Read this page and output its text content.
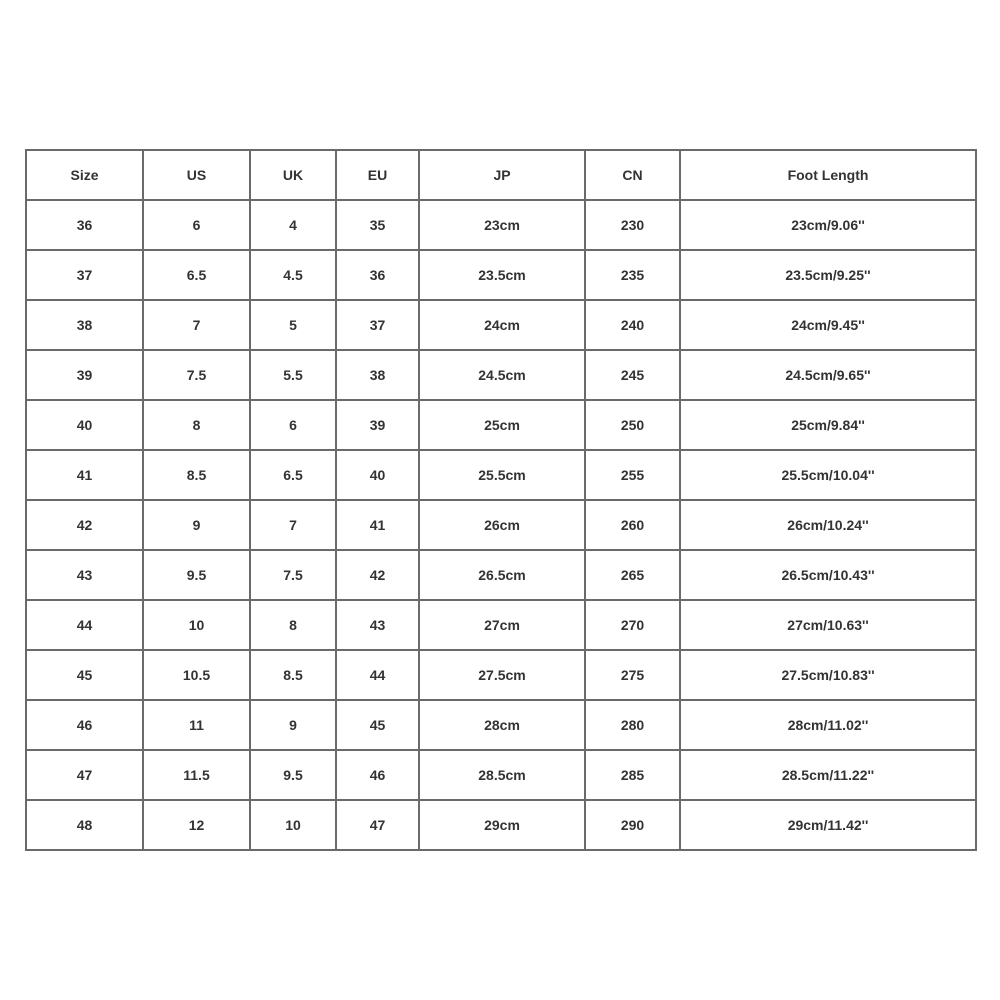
Size	US	UK	EU	JP	CN	Foot Length
36	6	4	35	23cm	230	23cm/9.06''
37	6.5	4.5	36	23.5cm	235	23.5cm/9.25''
38	7	5	37	24cm	240	24cm/9.45''
39	7.5	5.5	38	24.5cm	245	24.5cm/9.65''
40	8	6	39	25cm	250	25cm/9.84''
41	8.5	6.5	40	25.5cm	255	25.5cm/10.04''
42	9	7	41	26cm	260	26cm/10.24''
43	9.5	7.5	42	26.5cm	265	26.5cm/10.43''
44	10	8	43	27cm	270	27cm/10.63''
45	10.5	8.5	44	27.5cm	275	27.5cm/10.83''
46	11	9	45	28cm	280	28cm/11.02''
47	11.5	9.5	46	28.5cm	285	28.5cm/11.22''
48	12	10	47	29cm	290	29cm/11.42''
